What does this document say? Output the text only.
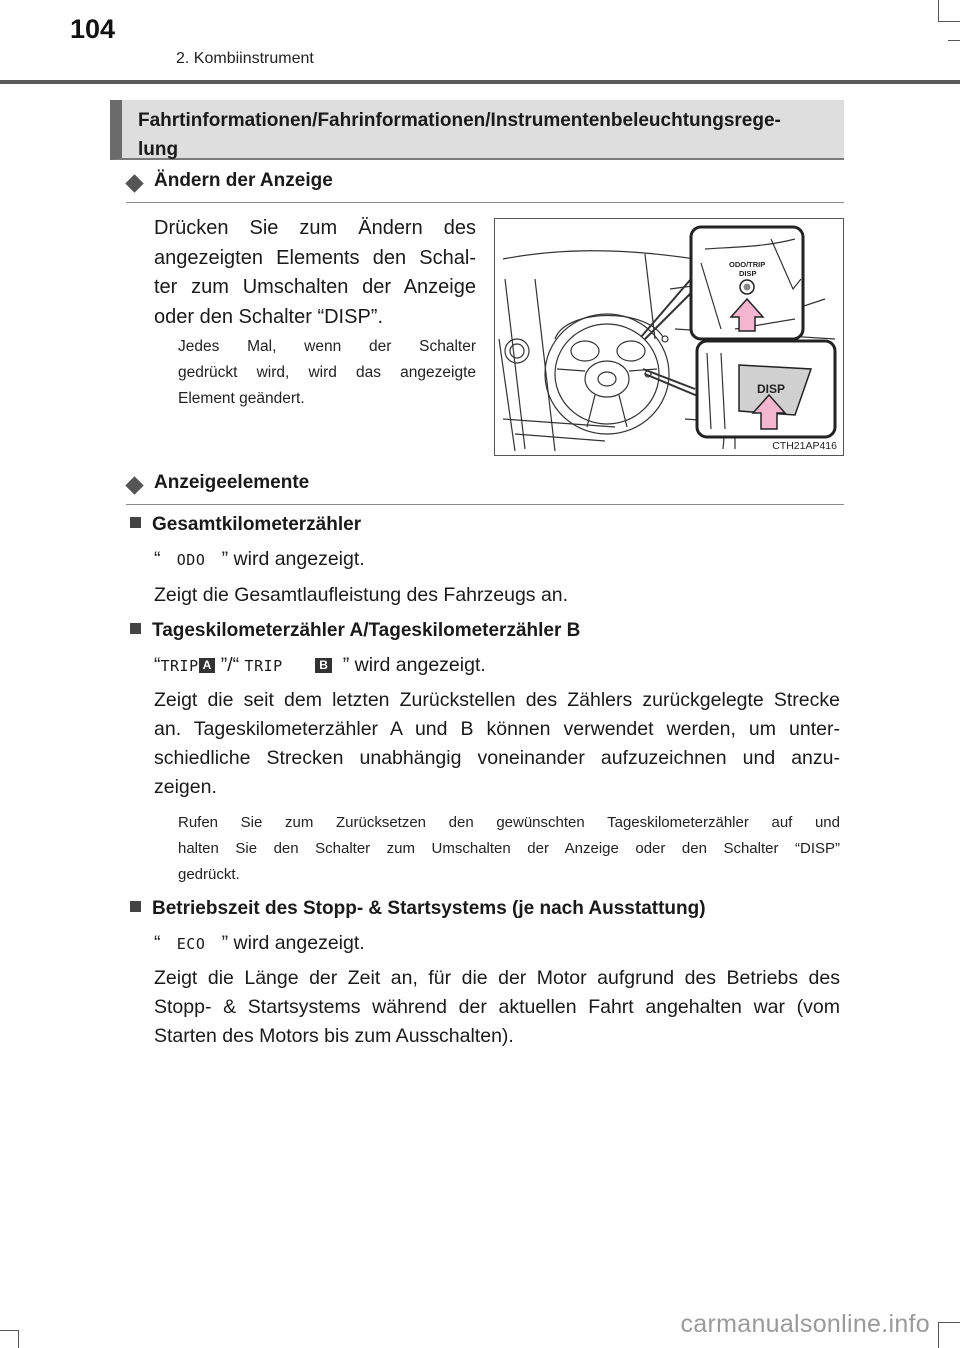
104
2. Kombiinstrument
Fahrtinformationen/Fahrinformationen/Instrumentenbeleuchtungsrege-
lung
Ändern der Anzeige
Drücken Sie zum Ändern des
angezeigten Elements den Schal-
ter zum Umschalten der Anzeige
oder den Schalter “DISP”.
Jedes Mal, wenn der Schalter
gedrückt wird, wird das angezeigte
Element geändert.
ODO/TRIP
DISP
DISP
CTH21AP416
Anzeigeelemente
Gesamtkilometerzähler
“ ODO ” wird angezeigt.
Zeigt die Gesamtlaufleistung des Fahrzeugs an.
Tageskilometerzähler A/Tageskilometerzähler B
“TRIP A ”/“ TRIP	B ” wird angezeigt.
Zeigt die seit dem letzten Zurückstellen des Zählers zurückgelegte Strecke
an. Tageskilometerzähler A und B können verwendet werden, um unter-
schiedliche Strecken unabhängig voneinander aufzuzeichnen und anzu-
zeigen.
Rufen Sie zum Zurücksetzen den gewünschten Tageskilometerzähler auf und
halten Sie den Schalter zum Umschalten der Anzeige oder den Schalter “DISP”
gedrückt.
Betriebszeit des Stopp- & Startsystems (je nach Ausstattung)
“ ECO ” wird angezeigt.
Zeigt die Länge der Zeit an, für die der Motor aufgrund des Betriebs des
Stopp- & Startsystems während der aktuellen Fahrt angehalten war (vom
Starten des Motors bis zum Ausschalten).
carmanualsonline.info
